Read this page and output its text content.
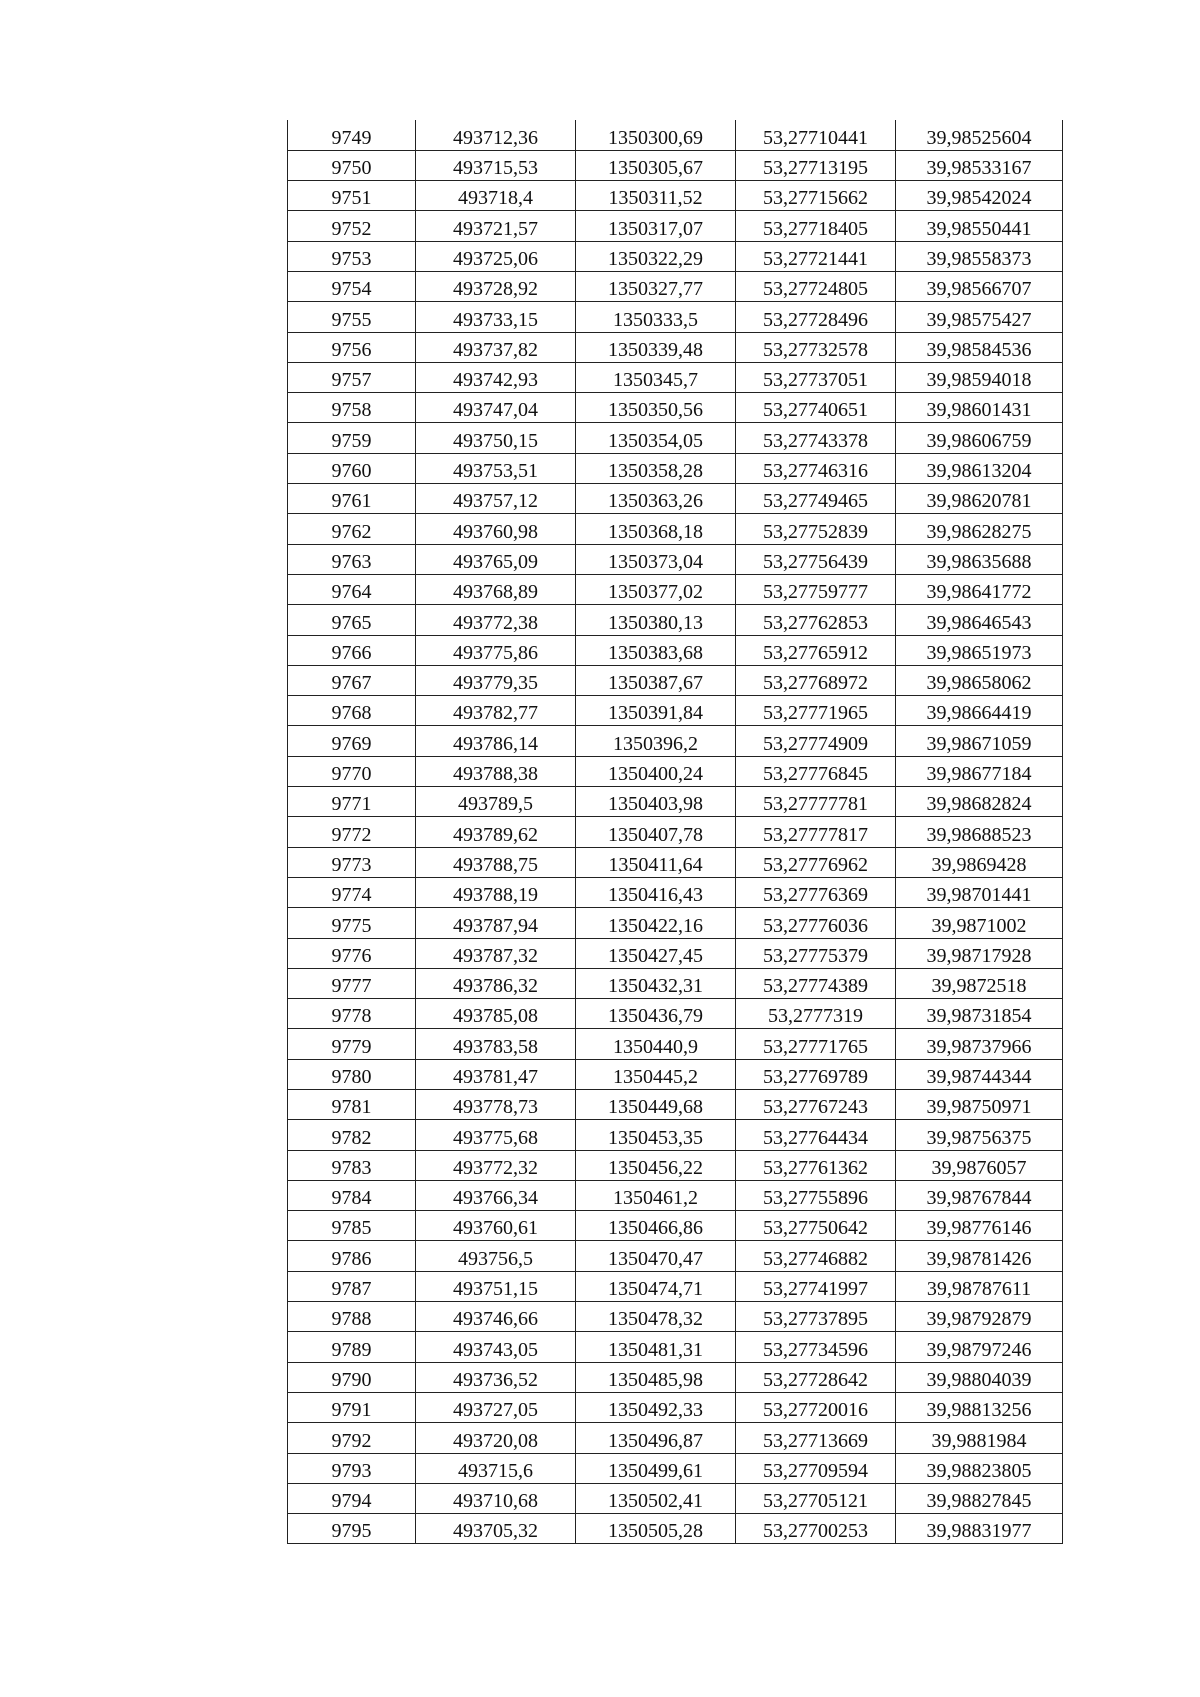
9749	493712,36	1350300,69	53,27710441	39,98525604
9750	493715,53	1350305,67	53,27713195	39,98533167
9751	493718,4	1350311,52	53,27715662	39,98542024
9752	493721,57	1350317,07	53,27718405	39,98550441
9753	493725,06	1350322,29	53,27721441	39,98558373
9754	493728,92	1350327,77	53,27724805	39,98566707
9755	493733,15	1350333,5	53,27728496	39,98575427
9756	493737,82	1350339,48	53,27732578	39,98584536
9757	493742,93	1350345,7	53,27737051	39,98594018
9758	493747,04	1350350,56	53,27740651	39,98601431
9759	493750,15	1350354,05	53,27743378	39,98606759
9760	493753,51	1350358,28	53,27746316	39,98613204
9761	493757,12	1350363,26	53,27749465	39,98620781
9762	493760,98	1350368,18	53,27752839	39,98628275
9763	493765,09	1350373,04	53,27756439	39,98635688
9764	493768,89	1350377,02	53,27759777	39,98641772
9765	493772,38	1350380,13	53,27762853	39,98646543
9766	493775,86	1350383,68	53,27765912	39,98651973
9767	493779,35	1350387,67	53,27768972	39,98658062
9768	493782,77	1350391,84	53,27771965	39,98664419
9769	493786,14	1350396,2	53,27774909	39,98671059
9770	493788,38	1350400,24	53,27776845	39,98677184
9771	493789,5	1350403,98	53,27777781	39,98682824
9772	493789,62	1350407,78	53,27777817	39,98688523
9773	493788,75	1350411,64	53,27776962	39,9869428
9774	493788,19	1350416,43	53,27776369	39,98701441
9775	493787,94	1350422,16	53,27776036	39,9871002
9776	493787,32	1350427,45	53,27775379	39,98717928
9777	493786,32	1350432,31	53,27774389	39,9872518
9778	493785,08	1350436,79	53,2777319	39,98731854
9779	493783,58	1350440,9	53,27771765	39,98737966
9780	493781,47	1350445,2	53,27769789	39,98744344
9781	493778,73	1350449,68	53,27767243	39,98750971
9782	493775,68	1350453,35	53,27764434	39,98756375
9783	493772,32	1350456,22	53,27761362	39,9876057
9784	493766,34	1350461,2	53,27755896	39,98767844
9785	493760,61	1350466,86	53,27750642	39,98776146
9786	493756,5	1350470,47	53,27746882	39,98781426
9787	493751,15	1350474,71	53,27741997	39,98787611
9788	493746,66	1350478,32	53,27737895	39,98792879
9789	493743,05	1350481,31	53,27734596	39,98797246
9790	493736,52	1350485,98	53,27728642	39,98804039
9791	493727,05	1350492,33	53,27720016	39,98813256
9792	493720,08	1350496,87	53,27713669	39,9881984
9793	493715,6	1350499,61	53,27709594	39,98823805
9794	493710,68	1350502,41	53,27705121	39,98827845
9795	493705,32	1350505,28	53,27700253	39,98831977
